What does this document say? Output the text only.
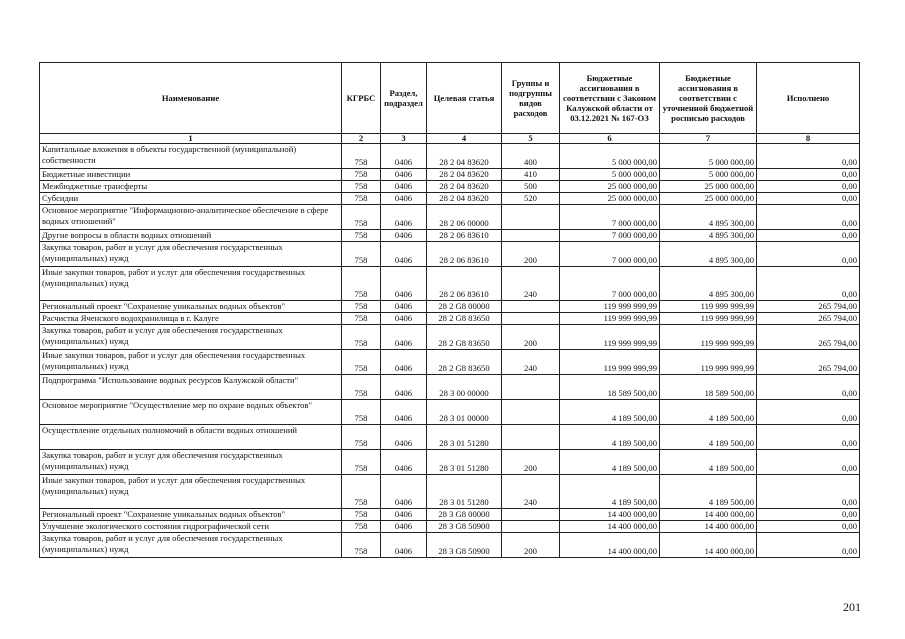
Наименование	КГРБС	Раздел, подраздел	Целевая статья	Группы и подгруппы видов расходов	Бюджетные ассигнования в соответствии с Законом Калужской области от 03.12.2021 № 167-ОЗ	Бюджетные ассигнования в соответствии с уточненной бюджетной росписью расходов	Исполнено
1	2	3	4	5	6	7	8
Капитальные вложения в объекты государственной (муниципальной) собственности	758	0406	28 2 04 83620	400	5 000 000,00	5 000 000,00	0,00
Бюджетные инвестиции	758	0406	28 2 04 83620	410	5 000 000,00	5 000 000,00	0,00
Межбюджетные трансферты	758	0406	28 2 04 83620	500	25 000 000,00	25 000 000,00	0,00
Субсидии	758	0406	28 2 04 83620	520	25 000 000,00	25 000 000,00	0,00
Основное мероприятие "Информационно-аналитическое обеспечение в сфере водных отношений"	758	0406	28 2 06 00000		7 000 000,00	4 895 300,00	0,00
Другие вопросы в области водных отношений	758	0406	28 2 06 83610		7 000 000,00	4 895 300,00	0,00
Закупка товаров, работ и услуг для обеспечения государственных (муниципальных) нужд	758	0406	28 2 06 83610	200	7 000 000,00	4 895 300,00	0,00
Иные закупки товаров, работ и услуг для обеспечения государственных (муниципальных) нужд	758	0406	28 2 06 83610	240	7 000 000,00	4 895 300,00	0,00
Региональный проект "Сохранение уникальных водных объектов"	758	0406	28 2 G8 00000		119 999 999,99	119 999 999,99	265 794,00
Расчистка Яченского водохранилища в г. Калуге	758	0406	28 2 G8 83650		119 999 999,99	119 999 999,99	265 794,00
Закупка товаров, работ и услуг для обеспечения государственных (муниципальных) нужд	758	0406	28 2 G8 83650	200	119 999 999,99	119 999 999,99	265 794,00
Иные закупки товаров, работ и услуг для обеспечения государственных (муниципальных) нужд	758	0406	28 2 G8 83650	240	119 999 999,99	119 999 999,99	265 794,00
Подпрограмма "Использование водных ресурсов Калужской области"	758	0406	28 3 00 00000		18 589 500,00	18 589 500,00	0,00
Основное мероприятие "Осуществление мер по охране водных объектов"	758	0406	28 3 01 00000		4 189 500,00	4 189 500,00	0,00
Осуществление отдельных полномочий в области водных отношений	758	0406	28 3 01 51280		4 189 500,00	4 189 500,00	0,00
Закупка товаров, работ и услуг для обеспечения государственных (муниципальных) нужд	758	0406	28 3 01 51280	200	4 189 500,00	4 189 500,00	0,00
Иные закупки товаров, работ и услуг для обеспечения государственных (муниципальных) нужд	758	0406	28 3 01 51280	240	4 189 500,00	4 189 500,00	0,00
Региональный проект "Сохранение уникальных водных объектов"	758	0406	28 3 G8 00000		14 400 000,00	14 400 000,00	0,00
Улучшение экологического состояния гидрографической сети	758	0406	28 3 G8 50900		14 400 000,00	14 400 000,00	0,00
Закупка товаров, работ и услуг для обеспечения государственных (муниципальных) нужд	758	0406	28 3 G8 50900	200	14 400 000,00	14 400 000,00	0,00
201
